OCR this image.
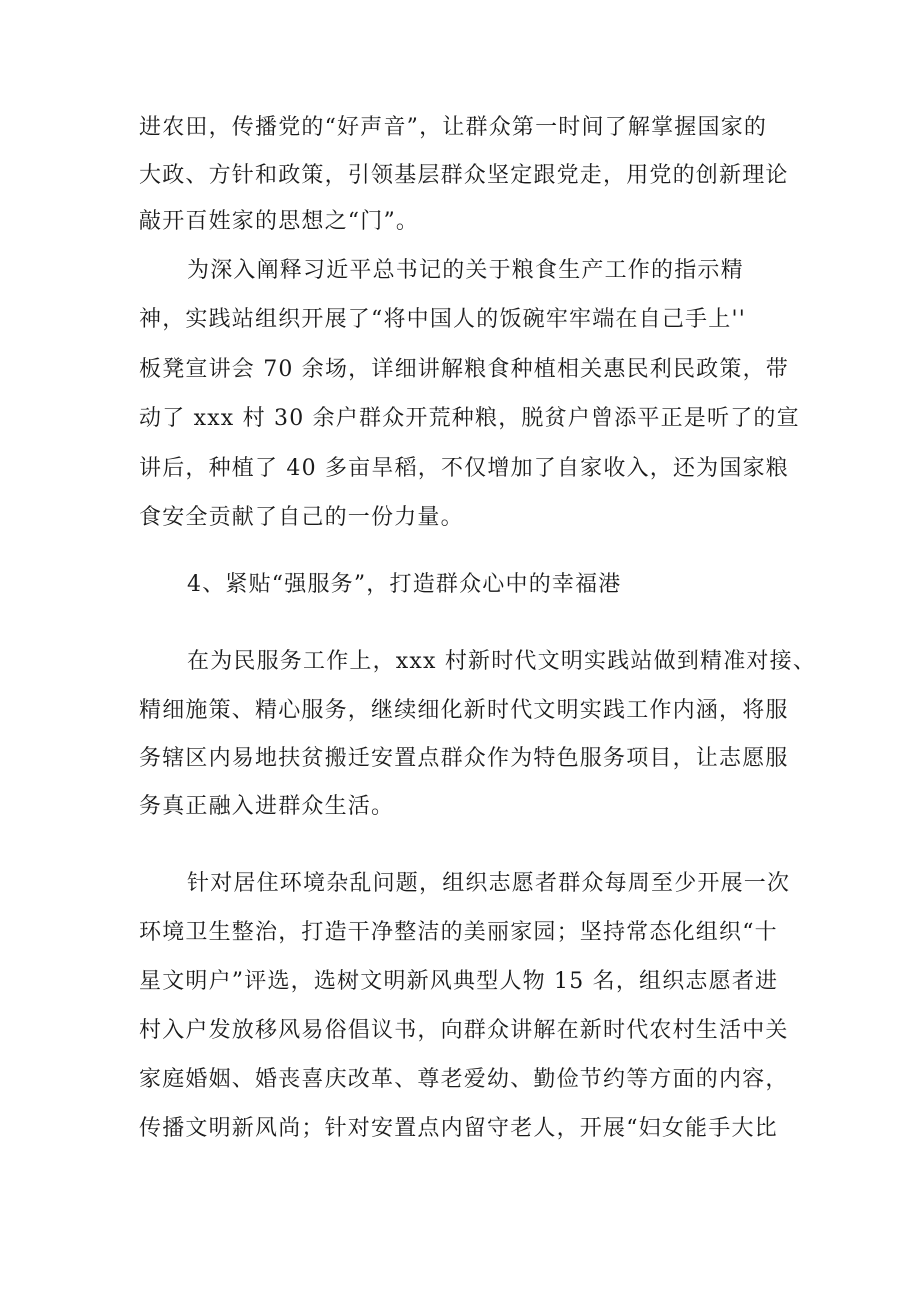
进农田，传播党的“好声音”，让群众第一时间了解掌握国家的
大政、方针和政策，引领基层群众坚定跟党走，用党的创新理论
敲开百姓家的思想之“门”。
为深入阐释习近平总书记的关于粮食生产工作的指示精
神，实践站组织开展了“将中国人的饭碗牢牢端在自己手上''
板凳宣讲会 70 余场，详细讲解粮食种植相关惠民利民政策，带
动了 xxx 村 30 余户群众开荒种粮，脱贫户曾添平正是听了的宣
讲后，种植了 40 多亩旱稻，不仅增加了自家收入，还为国家粮
食安全贡献了自己的一份力量。
4、紧贴“强服务”，打造群众心中的幸福港
在为民服务工作上，xxx 村新时代文明实践站做到精准对接、
精细施策、精心服务，继续细化新时代文明实践工作内涵，将服
务辖区内易地扶贫搬迁安置点群众作为特色服务项目，让志愿服
务真正融入进群众生活。
针对居住环境杂乱问题，组织志愿者群众每周至少开展一次
环境卫生整治，打造干净整洁的美丽家园；坚持常态化组织“十
星文明户”评选，选树文明新风典型人物 15 名，组织志愿者进
村入户发放移风易俗倡议书，向群众讲解在新时代农村生活中关
家庭婚姻、婚丧喜庆改革、尊老爱幼、勤俭节约等方面的内容，
传播文明新风尚；针对安置点内留守老人，开展“妇女能手大比
